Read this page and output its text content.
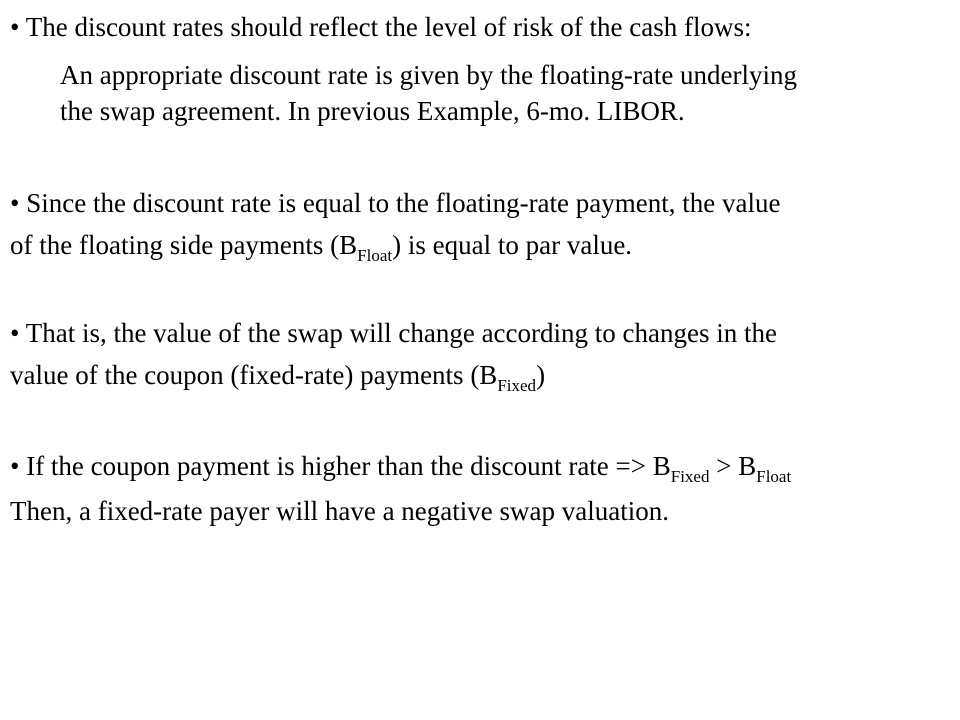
• The discount rates should reflect the level of risk of the cash flows:
An appropriate discount rate is given by the floating-rate underlying
the swap agreement. In previous Example, 6-mo. LIBOR.
• Since the discount rate is equal to the floating-rate payment, the value
of the floating side payments $(B_{Float})$ is equal to par value.
• That is, the value of the swap will change according to changes in the
value of the coupon (fixed-rate) payments $(B_{Fixed})$
• If the coupon payment is higher than the discount rate => $B_{Fixed} > B_{Float}$
Then, a fixed-rate payer will have a negative swap valuation.
